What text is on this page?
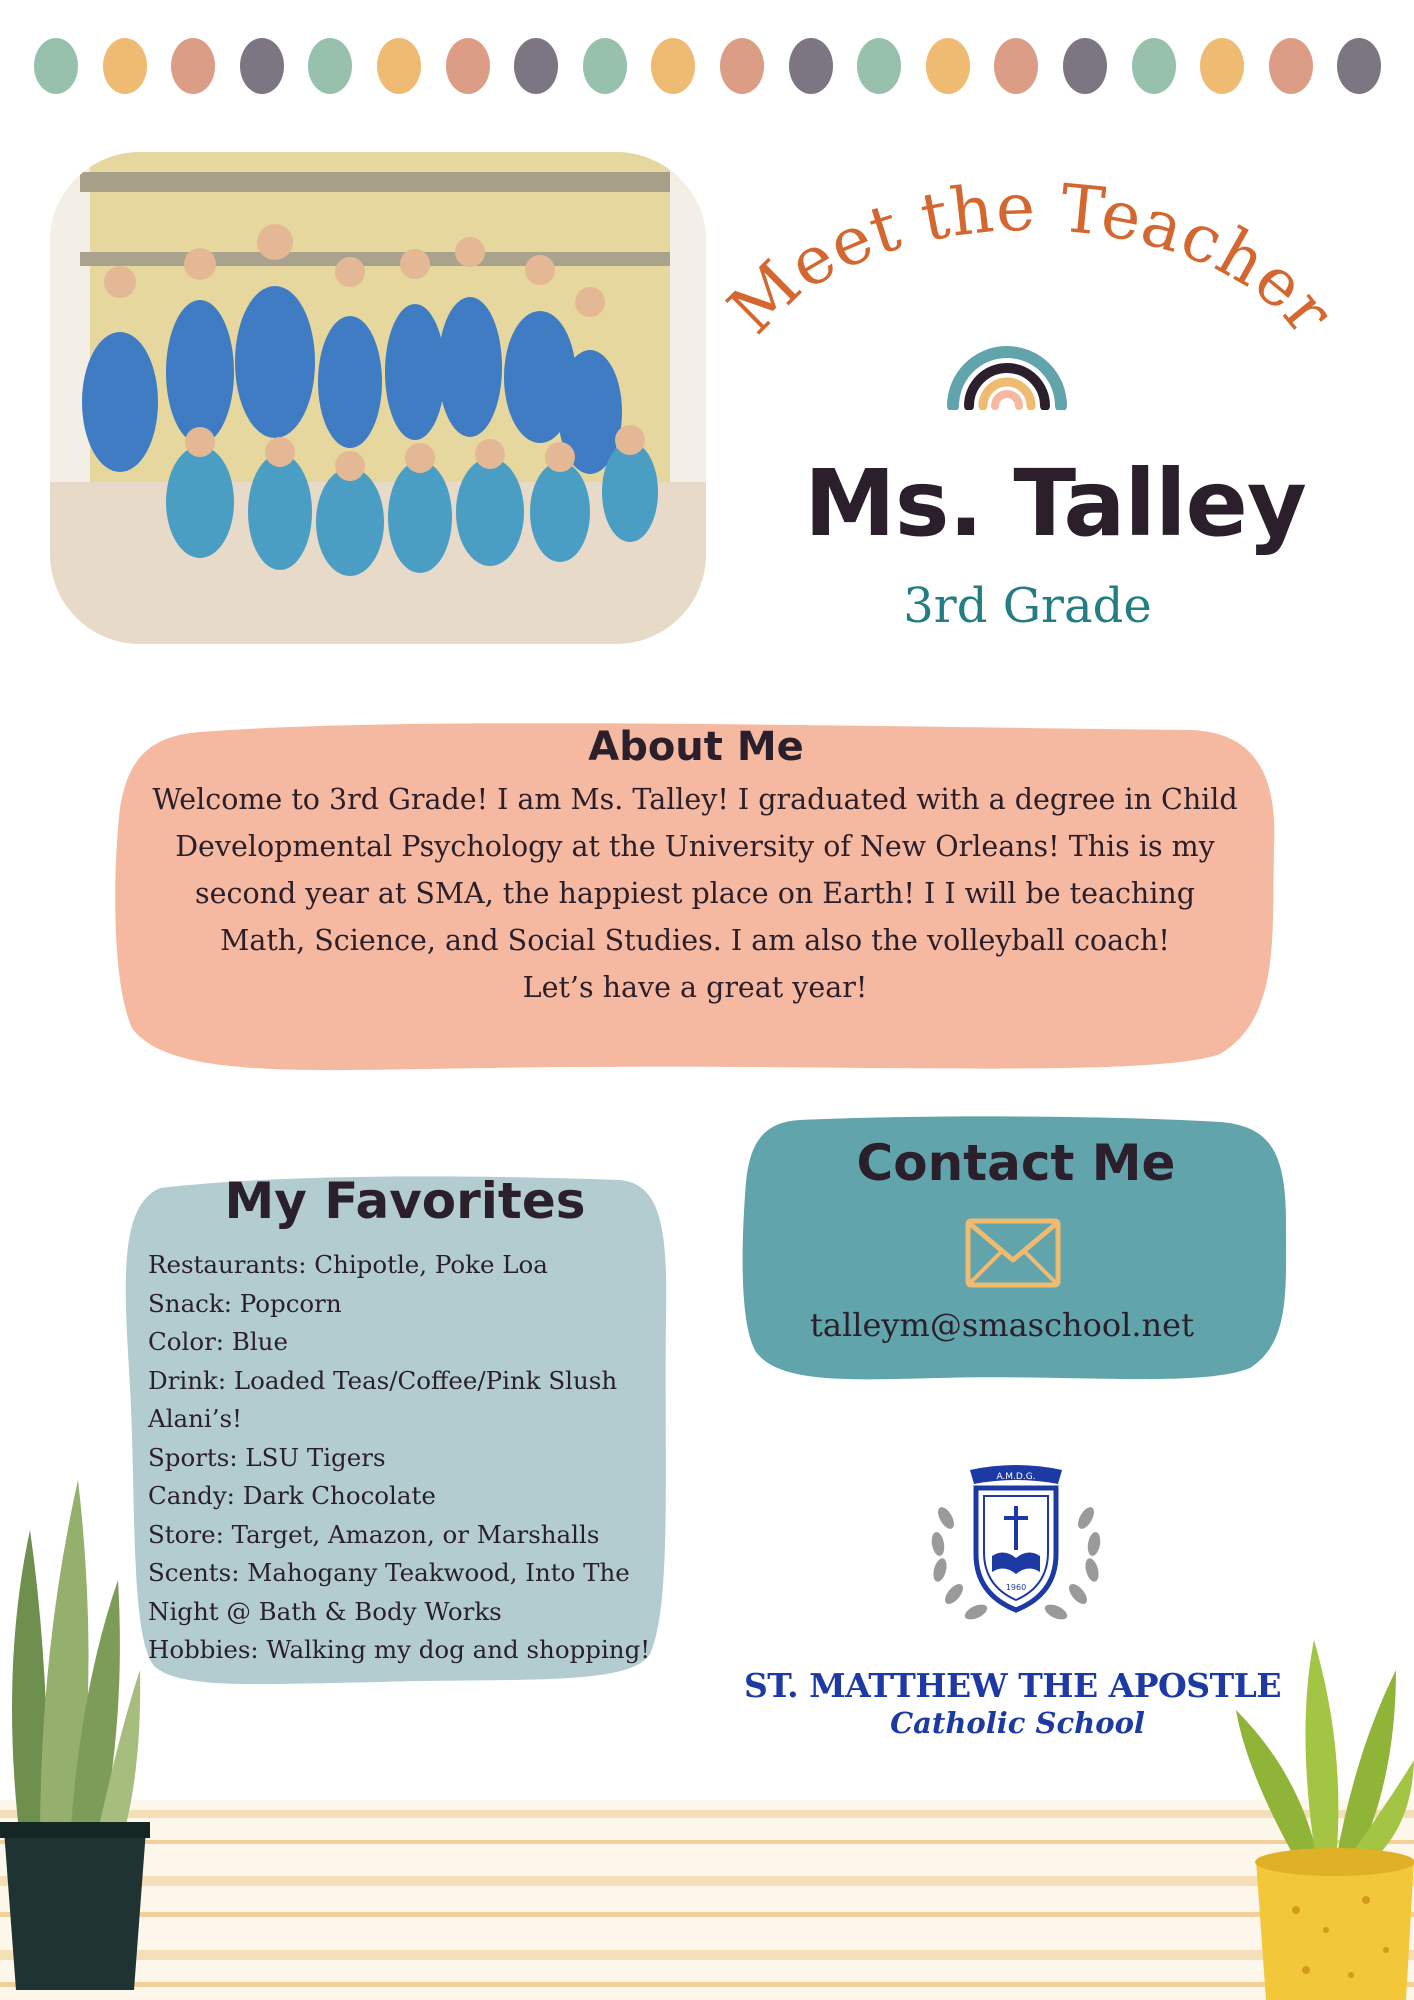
Meet the Teacher
Ms. Talley
3rd Grade
About Me
Welcome to 3rd Grade! I am Ms. Talley! I graduated with a degree in Child Developmental Psychology at the University of New Orleans! This is my second year at SMA, the happiest place on Earth! I I will be teaching Math, Science, and Social Studies. I am also the volleyball coach!
Let’s have a great year!
My Favorites
Restaurants: Chipotle, Poke Loa
Snack: Popcorn
Color: Blue
Drink: Loaded Teas/Coffee/Pink Slush Alani’s!
Sports: LSU Tigers
Candy: Dark Chocolate
Store: Target, Amazon, or Marshalls
Scents: Mahogany Teakwood, Into The Night @ Bath & Body Works
Hobbies: Walking my dog and shopping!
Contact Me
talleym@smaschool.net
A.M.D.G.
1960
ST. MATTHEW THE APOSTLE
Catholic School
